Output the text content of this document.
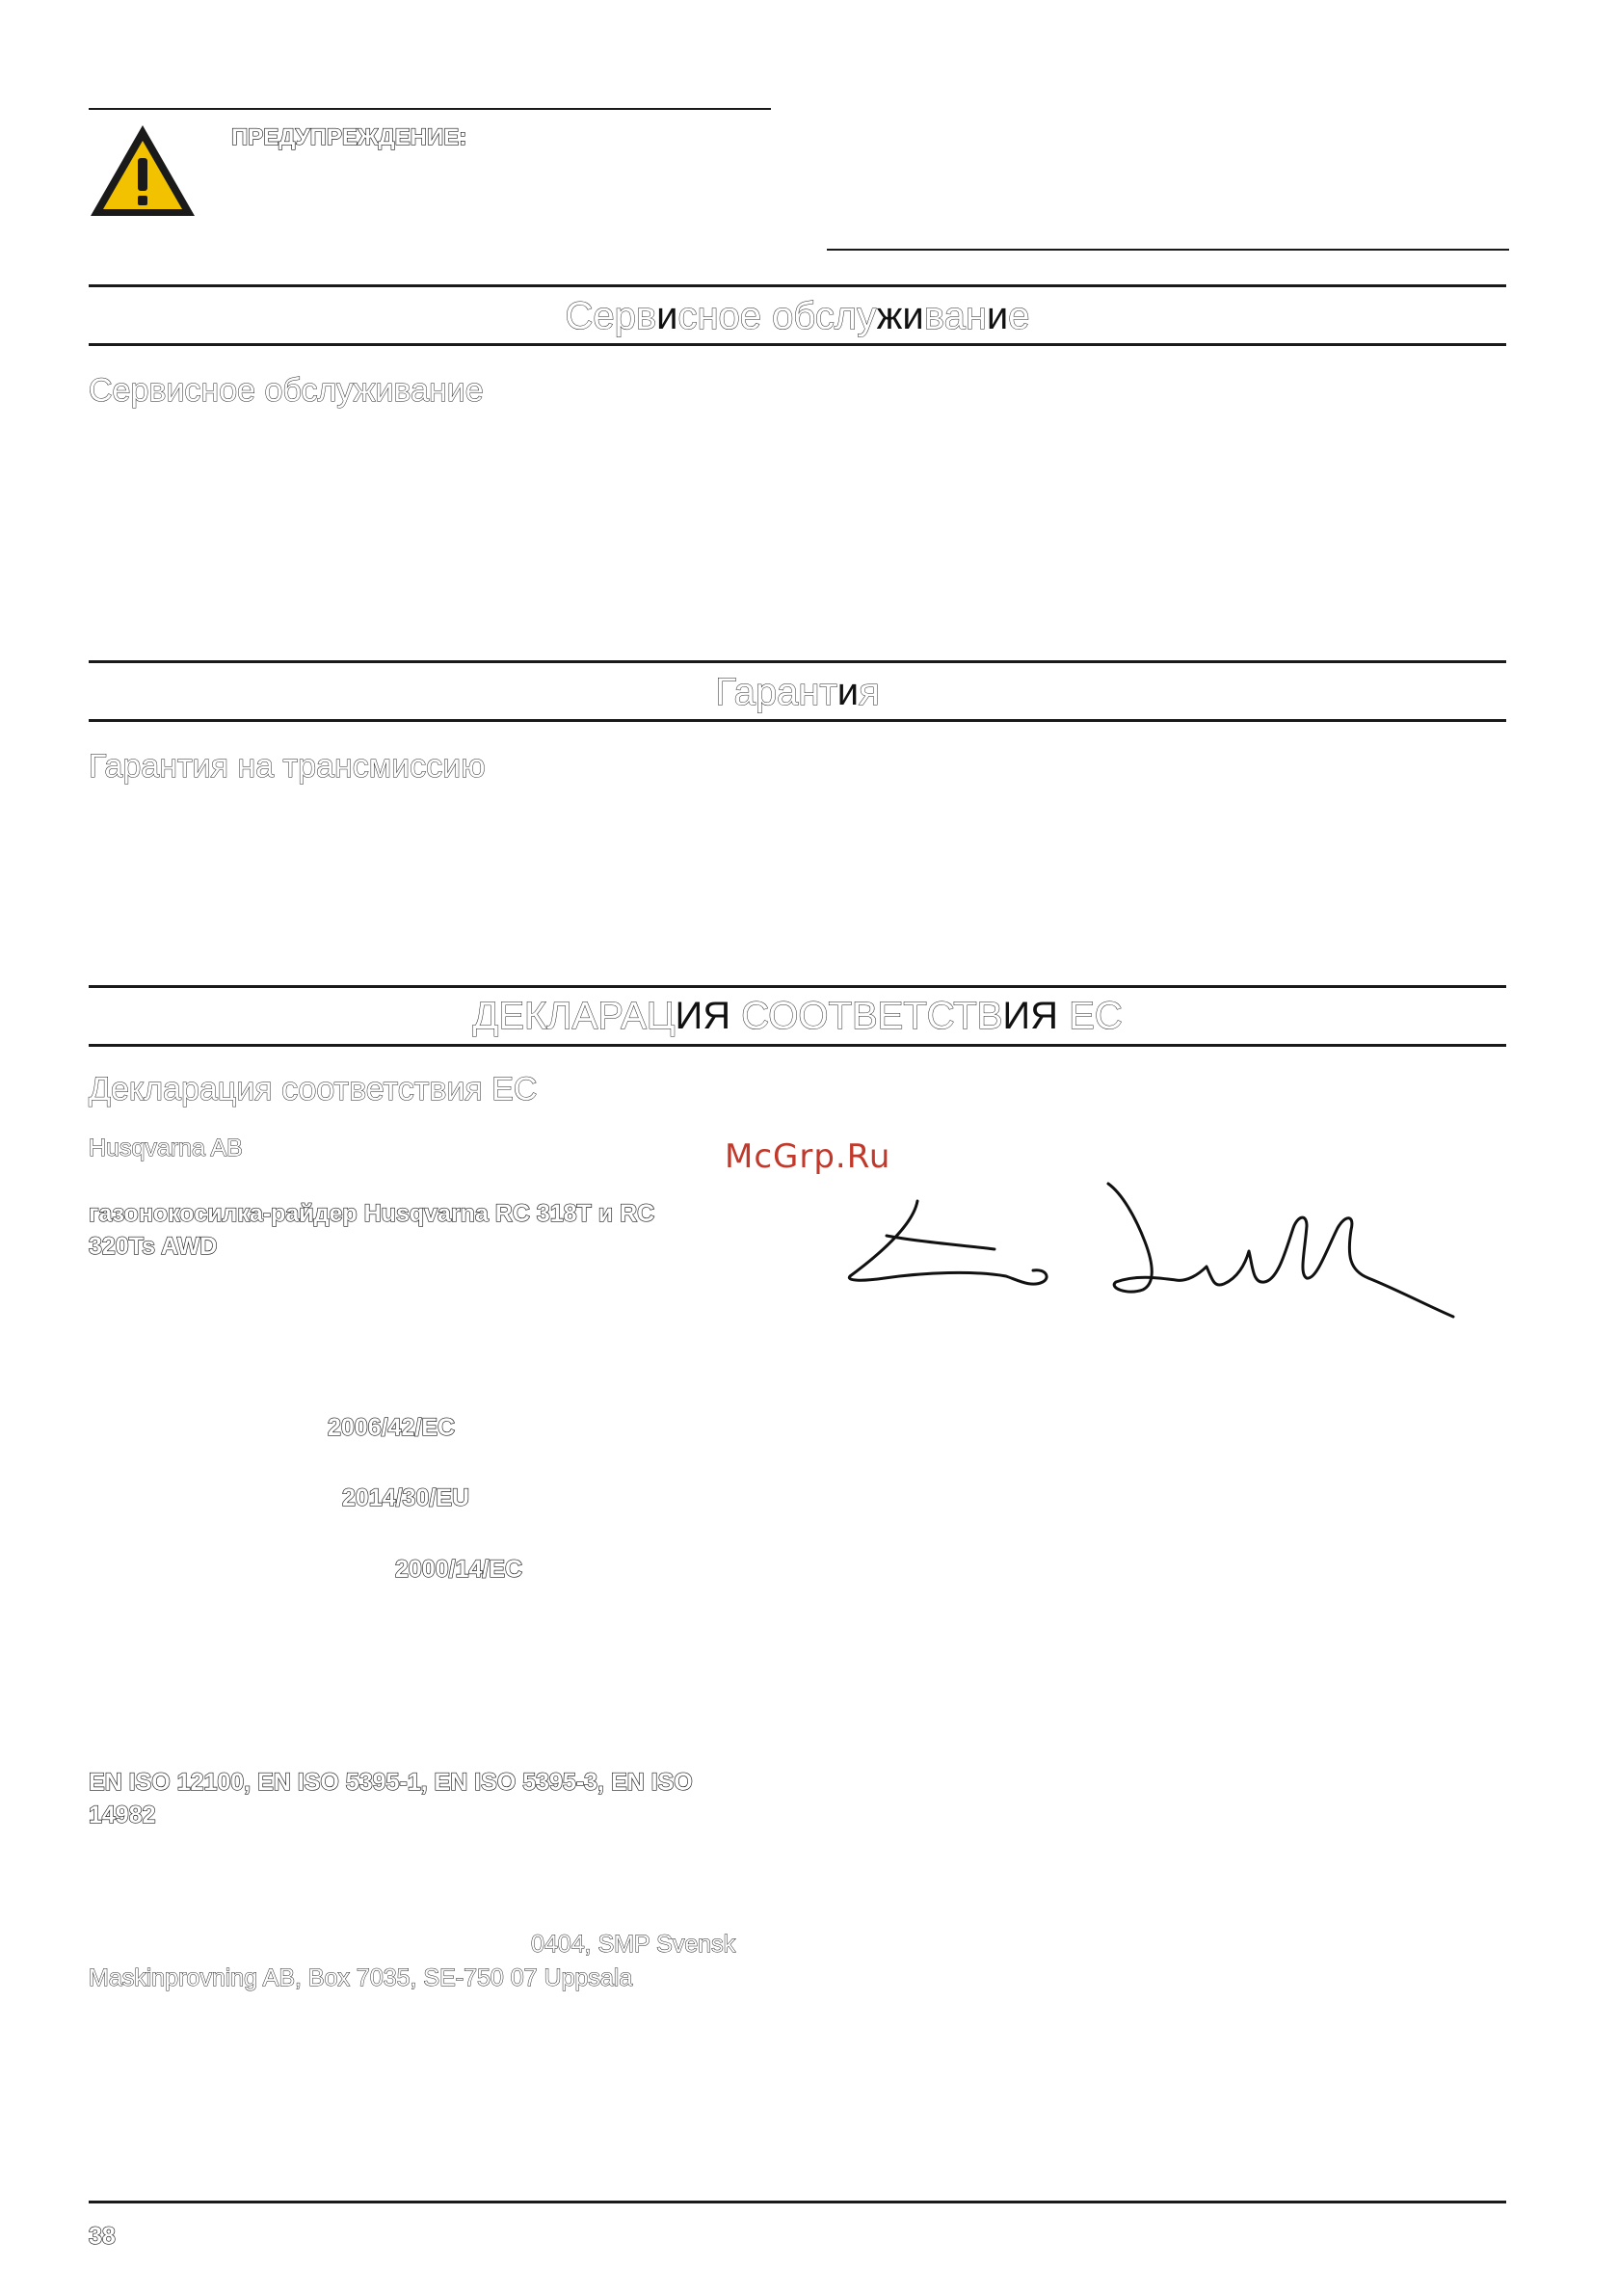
ПРЕДУПРЕЖДЕНИЕ:
Сервисное обслуживание
Сервисное обслуживание
Гарантия
Гарантия на трансмиссию
ДЕКЛАРАЦИЯ СООТВЕТСТВИЯ ЕС
Декларация соответствия ЕС
Husqvarna AB	McGrp.Ru
газонокосилка-райдер Husqvarna RC 318T и RC
320Ts AWD
2006/42/EC
2014/30/EU
2000/14/EC
EN ISO 12100, EN ISO 5395-1, EN ISO 5395-3, EN ISO
14982
0404, SMP Svensk
Maskinprovning AB, Box 7035, SE-750 07 Uppsala
38
